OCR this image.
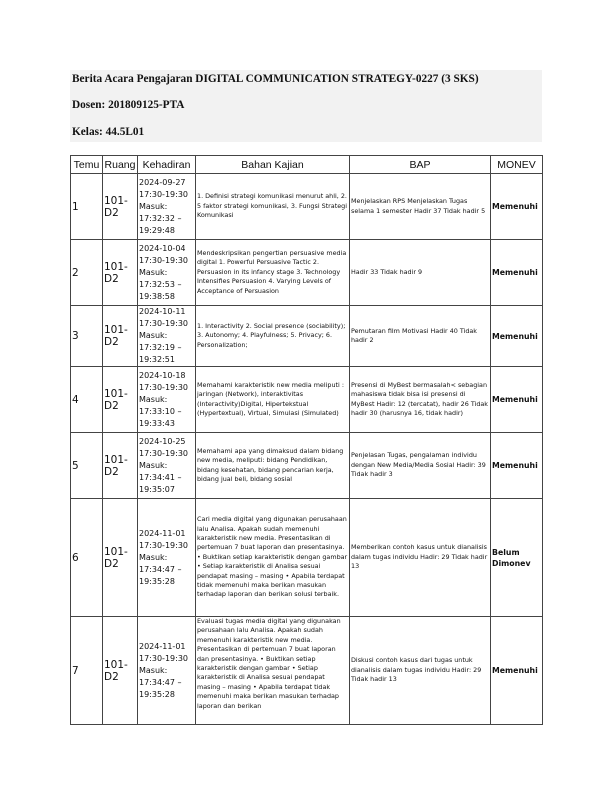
Berita Acara Pengajaran DIGITAL COMMUNICATION STRATEGY-0227 (3 SKS)
Dosen: 201809125-PTA
Kelas: 44.5L01
Temu	Ruang	Kehadiran	Bahan Kajian	BAP	MONEV
1	101-D2	2024-09-27 17:30-19:30 Masuk: 17:32:32 – 19:29:48	1. Definisi strategi komunikasi menurut ahli, 2. 5 faktor strategi komunikasi, 3. Fungsi Strategi Komunikasi	Menjelaskan RPS Menjelaskan Tugas selama 1 semester Hadir 37 Tidak hadir 5	Memenuhi
2	101-D2	2024-10-04 17:30-19:30 Masuk: 17:32:53 – 19:38:58	Mendeskripsikan pengertian persuasive media digital 1. Powerful Persuasive Tactic 2. Persuasion in its infancy stage 3. Technology Intensifies Persuasion 4. Varying Levels of Acceptance of Persuasion	Hadir 33 Tidak hadir 9	Memenuhi
3	101-D2	2024-10-11 17:30-19:30 Masuk: 17:32:19 – 19:32:51	1. Interactivity 2. Social presence (sociability); 3. Autonomy; 4. Playfulness; 5. Privacy; 6. Personalization;	Pemutaran film Motivasi Hadir 40 Tidak hadir 2	Memenuhi
4	101-D2	2024-10-18 17:30-19:30 Masuk: 17:33:10 – 19:33:43	Memahami karakteristik new media meliputi : jaringan (Network), interaktivitas (Interactivity)Digital, Hipertekstual (Hypertextual), Virtual, Simulasi (Simulated)	Presensi di MyBest bermasalah< sebagian mahasiswa tidak bisa isi presensi di MyBest Hadir: 12 (tercatat), hadir 26 Tidak hadir 30 (harusnya 16, tidak hadir)	Memenuhi
5	101-D2	2024-10-25 17:30-19:30 Masuk: 17:34:41 – 19:35:07	Memahami apa yang dimaksud dalam bidang new media, meliputi: bidang Pendidikan, bidang kesehatan, bidang pencarian kerja, bidang jual beli, bidang sosial	Penjelasan Tugas, pengalaman individu dengan New Media/Media Sosial Hadir: 39 Tidak hadir 3	Memenuhi
6	101-D2	2024-11-01 17:30-19:30 Masuk: 17:34:47 – 19:35:28	Cari media digital yang digunakan perusahaan lalu Analisa. Apakah sudah memenuhi karakteristik new media. Presentasikan di pertemuan 7 buat laporan dan presentasinya. • Buktikan setiap karakteristik dengan gambar • Setiap karakteristik di Analisa sesuai pendapat masing – masing • Apabila terdapat tidak memenuhi maka berikan masukan terhadap laporan dan berikan solusi terbaik.	Memberikan contoh kasus untuk dianalisis dalam tugas individu Hadir: 29 Tidak hadir 13	Belum Dimonev
7	101-D2	2024-11-01 17:30-19:30 Masuk: 17:34:47 – 19:35:28	Evaluasi tugas media digital yang digunakan perusahaan lalu Analisa. Apakah sudah memenuhi karakteristik new media. Presentasikan di pertemuan 7 buat laporan dan presentasinya. • Buktikan setiap karakteristik dengan gambar • Setiap karakteristik di Analisa sesuai pendapat masing – masing • Apabila terdapat tidak memenuhi maka berikan masukan terhadap laporan dan berikan	Diskusi contoh kasus dari tugas untuk dianalisis dalam tugas individu Hadir: 29 Tidak hadir 13	Memenuhi
